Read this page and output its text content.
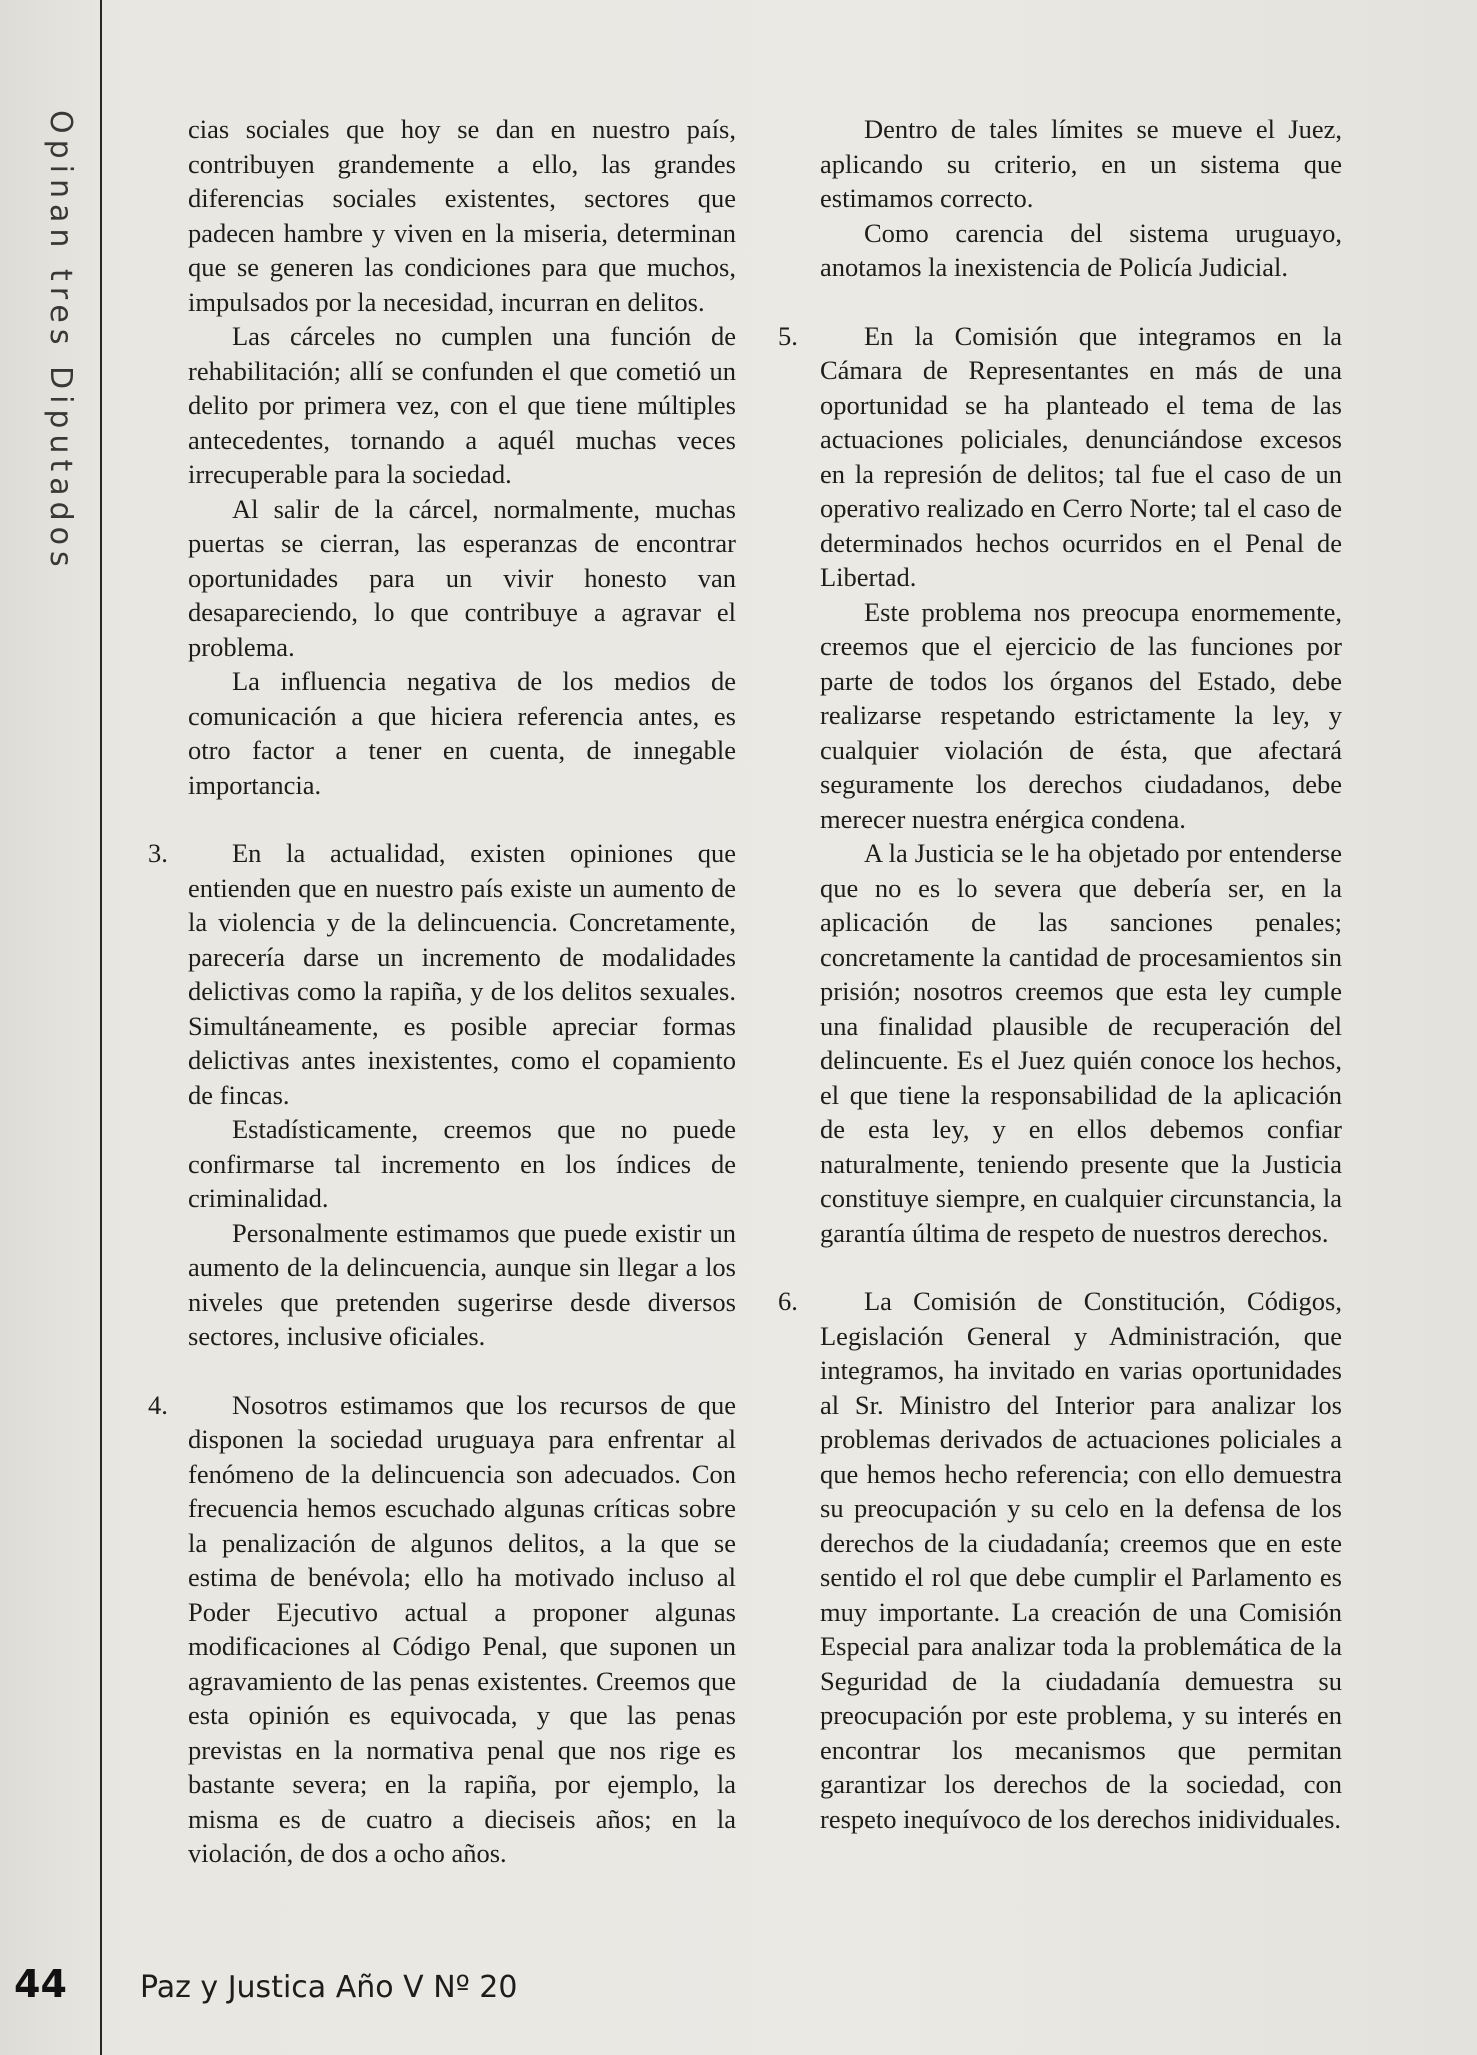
Opinan tres Diputados	cias sociales que hoy se dan en nuestro país, contribuyen grandemente a ello, las grandes diferencias sociales existentes, sectores que padecen hambre y viven en la miseria, determinan que se generen las condiciones para que muchos, impulsados por la necesidad, incurran en delitos.

Las cárceles no cumplen una función de rehabilitación; allí se confunden el que cometió un delito por primera vez, con el que tiene múltiples antecedentes, tornando a aquél muchas veces irrecuperable para la sociedad.

Al salir de la cárcel, normalmente, muchas puertas se cierran, las esperanzas de encontrar oportunidades para un vivir honesto van desapareciendo, lo que contribuye a agravar el problema.

La influencia negativa de los medios de comunicación a que hiciera referencia antes, es otro factor a tener en cuenta, de innegable importancia.

3.	En la actualidad, existen opiniones que entienden que en nuestro país existe un aumento de la violencia y de la delincuencia. Concretamente, parecería darse un incremento de modalidades delictivas como la rapiña, y de los delitos sexuales. Simultáneamente, es posible apreciar formas delictivas antes inexistentes, como el copamiento de fincas.

Estadísticamente, creemos que no puede confirmarse tal incremento en los índices de criminalidad.

Personalmente estimamos que puede existir un aumento de la delincuencia, aunque sin llegar a los niveles que pretenden sugerirse desde diversos sectores, inclusive oficiales.

4.	Nosotros estimamos que los recursos de que disponen la sociedad uruguaya para enfrentar al fenómeno de la delincuencia son adecuados. Con frecuencia hemos escuchado algunas críticas sobre la penalización de algunos delitos, a la que se estima de benévola; ello ha motivado incluso al Poder Ejecutivo actual a proponer algunas modificaciones al Código Penal, que suponen un agravamiento de las penas existentes. Creemos que esta opinión es equivocada, y que las penas previstas en la normativa penal que nos rige es bastante severa; en la rapiña, por ejemplo, la misma es de cuatro a dieciseis años; en la violación, de dos a ocho años.

Dentro de tales límites se mueve el Juez, aplicando su criterio, en un sistema que estimamos correcto.

Como carencia del sistema uruguayo, anotamos la inexistencia de Policía Judicial.

5.	En la Comisión que integramos en la Cámara de Representantes en más de una oportunidad se ha planteado el tema de las actuaciones policiales, denunciándose excesos en la represión de delitos; tal fue el caso de un operativo realizado en Cerro Norte; tal el caso de determinados hechos ocurridos en el Penal de Libertad.

Este problema nos preocupa enormemente, creemos que el ejercicio de las funciones por parte de todos los órganos del Estado, debe realizarse respetando estrictamente la ley, y cualquier violación de ésta, que afectará seguramente los derechos ciudadanos, debe merecer nuestra enérgica condena.

A la Justicia se le ha objetado por entenderse que no es lo severa que debería ser, en la aplicación de las sanciones penales; concretamente la cantidad de procesamientos sin prisión; nosotros creemos que esta ley cumple una finalidad plausible de recuperación del delincuente. Es el Juez quién conoce los hechos, el que tiene la responsabilidad de la aplicación de esta ley, y en ellos debemos confiar naturalmente, teniendo presente que la Justicia constituye siempre, en cualquier circunstancia, la garantía última de respeto de nuestros derechos.

6.	La Comisión de Constitución, Códigos, Legislación General y Administración, que integramos, ha invitado en varias oportunidades al Sr. Ministro del Interior para analizar los problemas derivados de actuaciones policiales a que hemos hecho referencia; con ello demuestra su preocupación y su celo en la defensa de los derechos de la ciudadanía; creemos que en este sentido el rol que debe cumplir el Parlamento es muy importante. La creación de una Comisión Especial para analizar toda la problemática de la Seguridad de la ciudadanía demuestra su preocupación por este problema, y su interés en encontrar los mecanismos que permitan garantizar los derechos de la sociedad, con respeto inequívoco de los derechos inidividuales.

44 Paz y Justica Año V Nº 20
